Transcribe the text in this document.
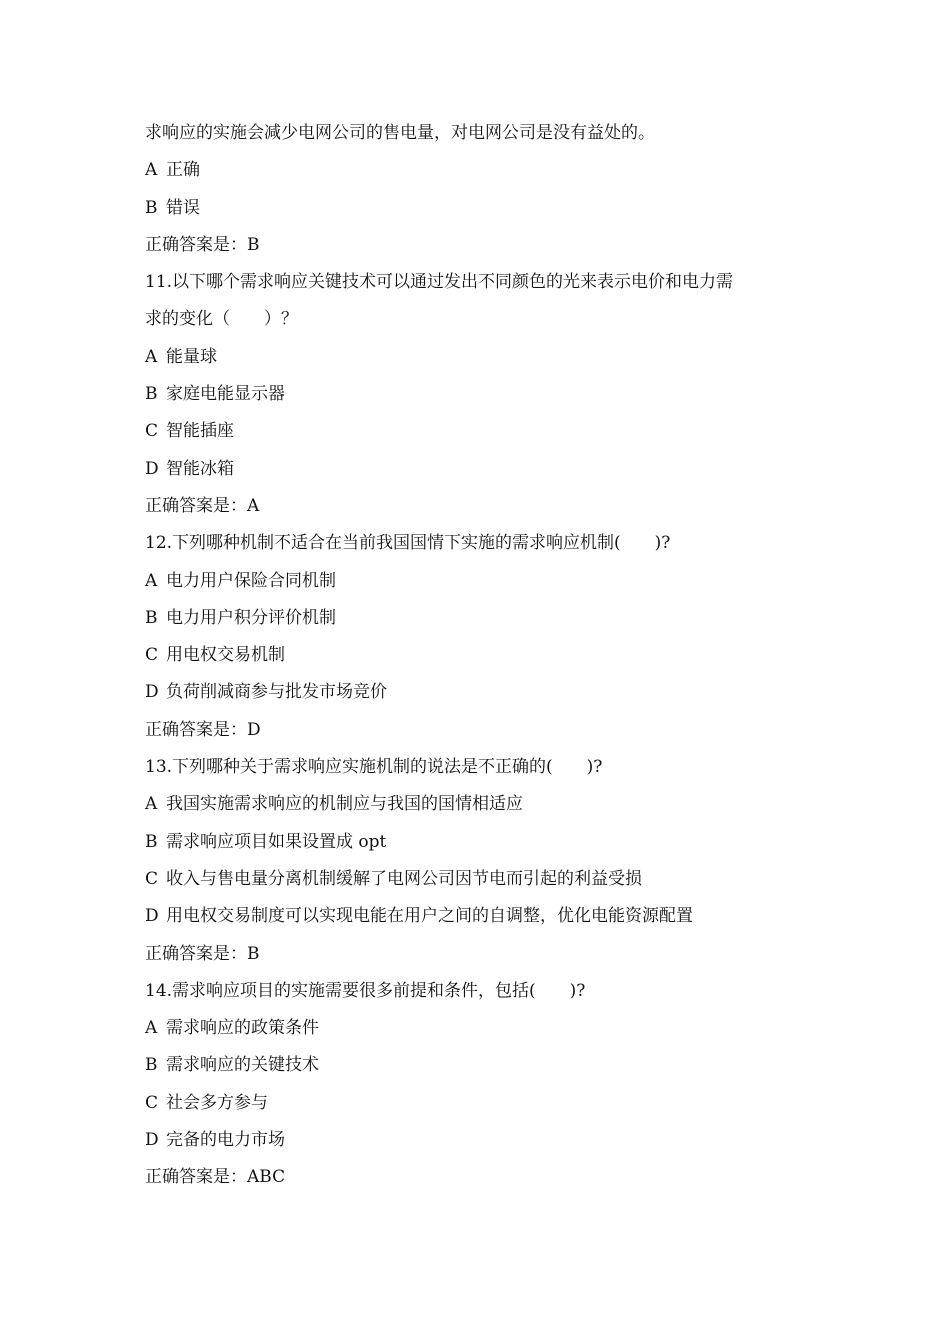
求响应的实施会减少电网公司的售电量，对电网公司是没有益处的。
A 正确
B 错误
正确答案是：B
11.以下哪个需求响应关键技术可以通过发出不同颜色的光来表示电价和电力需
求的变化（　　）？
A 能量球
B 家庭电能显示器
C 智能插座
D 智能冰箱
正确答案是：A
12.下列哪种机制不适合在当前我国国情下实施的需求响应机制(　　)?
A 电力用户保险合同机制
B 电力用户积分评价机制
C 用电权交易机制
D 负荷削减商参与批发市场竞价
正确答案是：D
13.下列哪种关于需求响应实施机制的说法是不正确的(　　)?
A 我国实施需求响应的机制应与我国的国情相适应
B 需求响应项目如果设置成 opt
C 收入与售电量分离机制缓解了电网公司因节电而引起的利益受损
D 用电权交易制度可以实现电能在用户之间的自调整，优化电能资源配置
正确答案是：B
14.需求响应项目的实施需要很多前提和条件，包括(　　)?
A 需求响应的政策条件
B 需求响应的关键技术
C 社会多方参与
D 完备的电力市场
正确答案是：ABC
